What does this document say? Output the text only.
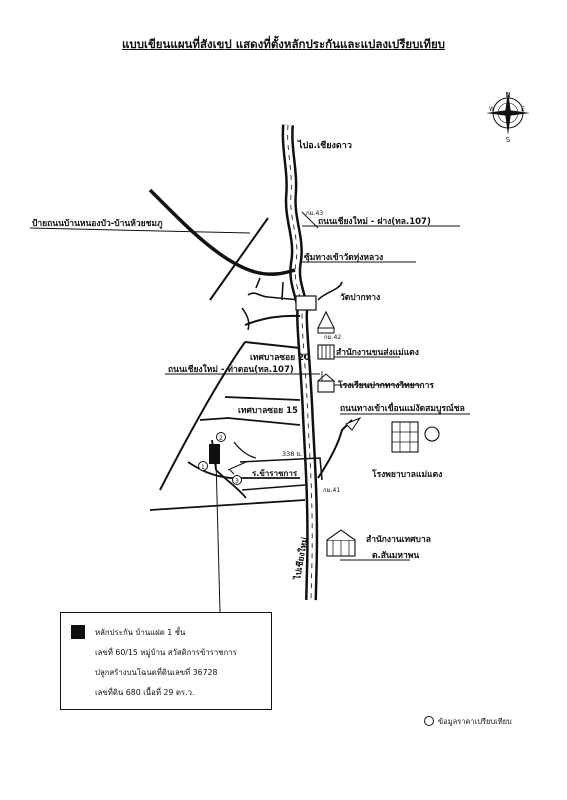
แบบเขียนแผนที่สังเขป แสดงที่ตั้งหลักประกันและแปลงเปรียบเทียบ
N
S
E
W
1
2
3
ไปอ.เชียงดาว
กม.43
ถนนเชียงใหม่ - ฝาง(ทล.107)
ป้ายถนนบ้านหนองบัว-บ้านห้วยชมภู
ซุ้มทางเข้าวัดทุ่งหลวง
วัดปากทาง
กม.42
สำนักงานขนส่งแม่แตง
เทศบาลซอย 20
โรงเรียนปากทางวิทยาการ
ถนนเชียงใหม่ - ท่าตอน(ทล.107)
เทศบาลซอย 15	ถนนทางเข้าเขื่อนแม่งัดสมบูรณ์ชล
338 ม.
ร.ข้าราชการ	โรงพยาบาลแม่แตง
กม.41
ไปเชียงใหม่	สำนักงานเทศบาล
ต.สันมหาพน
หลักประกัน บ้านแฝด 1 ชั้น
เลขที่ 60/15 หมู่บ้าน สวัสดิการข้าราชการ
ปลูกสร้างบนโฉนดที่ดินเลขที่ 36728
เลขที่ดิน 680 เนื้อที่ 29 ตร.ว.
ข้อมูลราคาเปรียบเทียบ
